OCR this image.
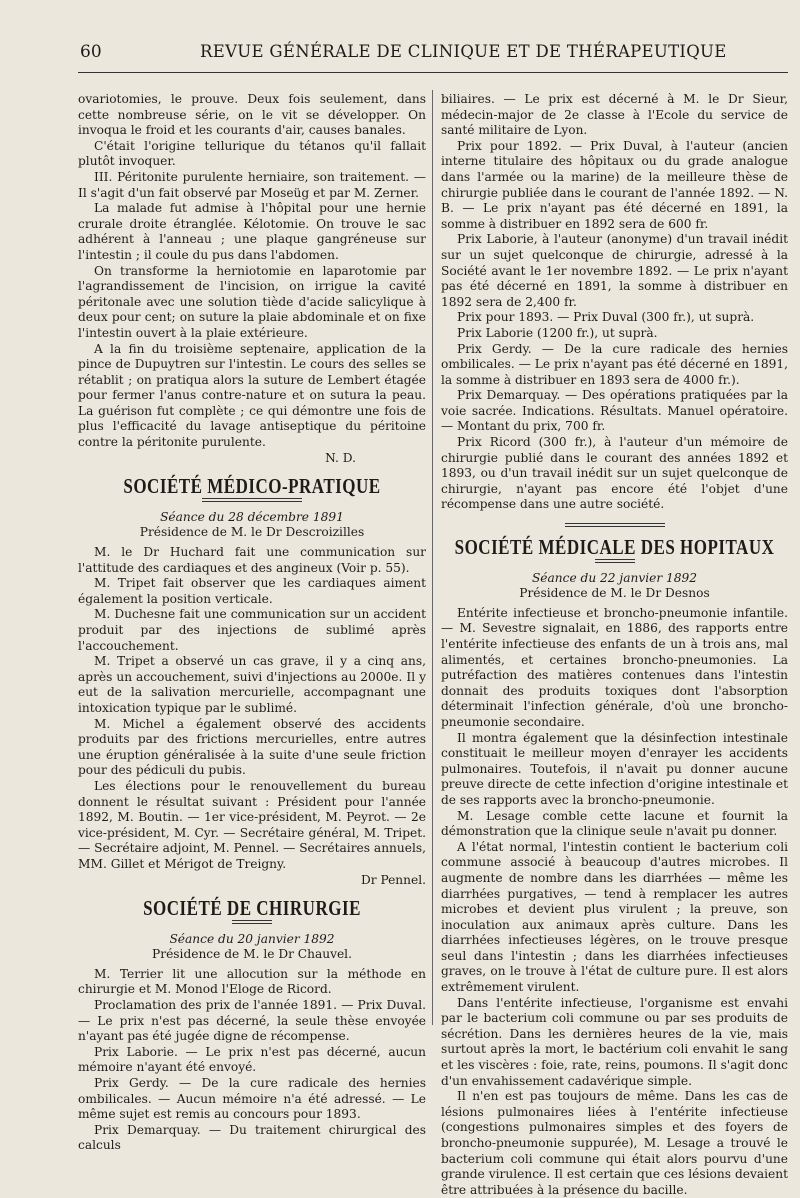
60	REVUE GÉNÉRALE DE CLINIQUE ET DE THÉRAPEUTIQUE

ovariotomies, le prouve. Deux fois seulement, dans cette nombreuse série, on le vit se développer. On invoqua le froid et les courants d'air, causes banales.

C'était l'origine tellurique du tétanos qu'il fallait plutôt invoquer.

III. Péritonite purulente herniaire, son traitement. — Il s'agit d'un fait observé par Moseüg et par M. Zerner.

La malade fut admise à l'hôpital pour une hernie crurale droite étranglée. Kélotomie. On trouve le sac adhérent à l'anneau ; une plaque gangréneuse sur l'intestin ; il coule du pus dans l'abdomen.

On transforme la herniotomie en laparotomie par l'agrandissement de l'incision, on irrigue la cavité péritonale avec une solution tiède d'acide salicylique à deux pour cent; on suture la plaie abdominale et on fixe l'intestin ouvert à la plaie extérieure.

A la fin du troisième septenaire, application de la pince de Dupuytren sur l'intestin. Le cours des selles se rétablit ; on pratiqua alors la suture de Lembert étagée pour fermer l'anus contre-nature et on sutura la peau. La guérison fut complète ; ce qui démontre une fois de plus l'efficacité du lavage antiseptique du péritoine contre la péritonite purulente.

N. D.

SOCIÉTÉ MÉDICO-PRATIQUE

Séance du 28 décembre 1891

Présidence de M. le Dr Descroizilles

M. le Dr Huchard fait une communication sur l'attitude des cardiaques et des angineux (Voir p. 55).

M. Tripet fait observer que les cardiaques aiment également la position verticale.

M. Duchesne fait une communication sur un accident produit par des injections de sublimé après l'accouchement.

M. Tripet a observé un cas grave, il y a cinq ans, après un accouchement, suivi d'injections au 2000e. Il y eut de la salivation mercurielle, accompagnant une intoxication typique par le sublimé.

M. Michel a également observé des accidents produits par des frictions mercurielles, entre autres une éruption généralisée à la suite d'une seule friction pour des pédiculi du pubis.

Les élections pour le renouvellement du bureau donnent le résultat suivant : Président pour l'année 1892, M. Boutin. — 1er vice-président, M. Peyrot. — 2e vice-président, M. Cyr. — Secrétaire général, M. Tripet. — Secrétaire adjoint, M. Pennel. — Secrétaires annuels, MM. Gillet et Mérigot de Treigny.

Dr Pennel.

SOCIÉTÉ DE CHIRURGIE

Séance du 20 janvier 1892

Présidence de M. le Dr Chauvel.

M. Terrier lit une allocution sur la méthode en chirurgie et M. Monod l'Eloge de Ricord.

Proclamation des prix de l'année 1891. — Prix Duval. — Le prix n'est pas décerné, la seule thèse envoyée n'ayant pas été jugée digne de récompense.

Prix Laborie. — Le prix n'est pas décerné, aucun mémoire n'ayant été envoyé.

Prix Gerdy. — De la cure radicale des hernies ombilicales. — Aucun mémoire n'a été adressé. — Le même sujet est remis au concours pour 1893.

Prix Demarquay. — Du traitement chirurgical des calculs

biliaires. — Le prix est décerné à M. le Dr Sieur, médecin-major de 2e classe à l'Ecole du service de santé militaire de Lyon.

Prix pour 1892. — Prix Duval, à l'auteur (ancien interne titulaire des hôpitaux ou du grade analogue dans l'armée ou la marine) de la meilleure thèse de chirurgie publiée dans le courant de l'année 1892. — N. B. — Le prix n'ayant pas été décerné en 1891, la somme à distribuer en 1892 sera de 600 fr.

Prix Laborie, à l'auteur (anonyme) d'un travail inédit sur un sujet quelconque de chirurgie, adressé à la Société avant le 1er novembre 1892. — Le prix n'ayant pas été décerné en 1891, la somme à distribuer en 1892 sera de 2,400 fr.

Prix pour 1893. — Prix Duval (300 fr.), ut suprà.

Prix Laborie (1200 fr.), ut suprà.

Prix Gerdy. — De la cure radicale des hernies ombilicales. — Le prix n'ayant pas été décerné en 1891, la somme à distribuer en 1893 sera de 4000 fr.).

Prix Demarquay. — Des opérations pratiquées par la voie sacrée. Indications. Résultats. Manuel opératoire. — Montant du prix, 700 fr.

Prix Ricord (300 fr.), à l'auteur d'un mémoire de chirurgie publié dans le courant des années 1892 et 1893, ou d'un travail inédit sur un sujet quelconque de chirurgie, n'ayant pas encore été l'objet d'une récompense dans une autre société.

SOCIÉTÉ MÉDICALE DES HOPITAUX

Séance du 22 janvier 1892

Présidence de M. le Dr Desnos

Entérite infectieuse et broncho-pneumonie infantile. — M. Sevestre signalait, en 1886, des rapports entre l'entérite infectieuse des enfants de un à trois ans, mal alimentés, et certaines broncho-pneumonies. La putréfaction des matières contenues dans l'intestin donnait des produits toxiques dont l'absorption déterminait l'infection générale, d'où une broncho-pneumonie secondaire.

Il montra également que la désinfection intestinale constituait le meilleur moyen d'enrayer les accidents pulmonaires. Toutefois, il n'avait pu donner aucune preuve directe de cette infection d'origine intestinale et de ses rapports avec la broncho-pneumonie.

M. Lesage comble cette lacune et fournit la démonstration que la clinique seule n'avait pu donner.

A l'état normal, l'intestin contient le bacterium coli commune associé à beaucoup d'autres microbes. Il augmente de nombre dans les diarrhées — même les diarrhées purgatives, — tend à remplacer les autres microbes et devient plus virulent ; la preuve, son inoculation aux animaux après culture. Dans les diarrhées infectieuses légères, on le trouve presque seul dans l'intestin ; dans les diarrhées infectieuses graves, on le trouve à l'état de culture pure. Il est alors extrêmement virulent.

Dans l'entérite infectieuse, l'organisme est envahi par le bacterium coli commune ou par ses produits de sécrétion. Dans les dernières heures de la vie, mais surtout après la mort, le bactérium coli envahit le sang et les viscères : foie, rate, reins, poumons. Il s'agit donc d'un envahissement cadavérique simple.

Il n'en est pas toujours de même. Dans les cas de lésions pulmonaires liées à l'entérite infectieuse (congestions pulmonaires simples et des foyers de broncho-pneumonie suppurée), M. Lesage a trouvé le bacterium coli commune qui était alors pourvu d'une grande virulence. Il est certain que ces lésions devaient être attribuées à la présence du bacille.
